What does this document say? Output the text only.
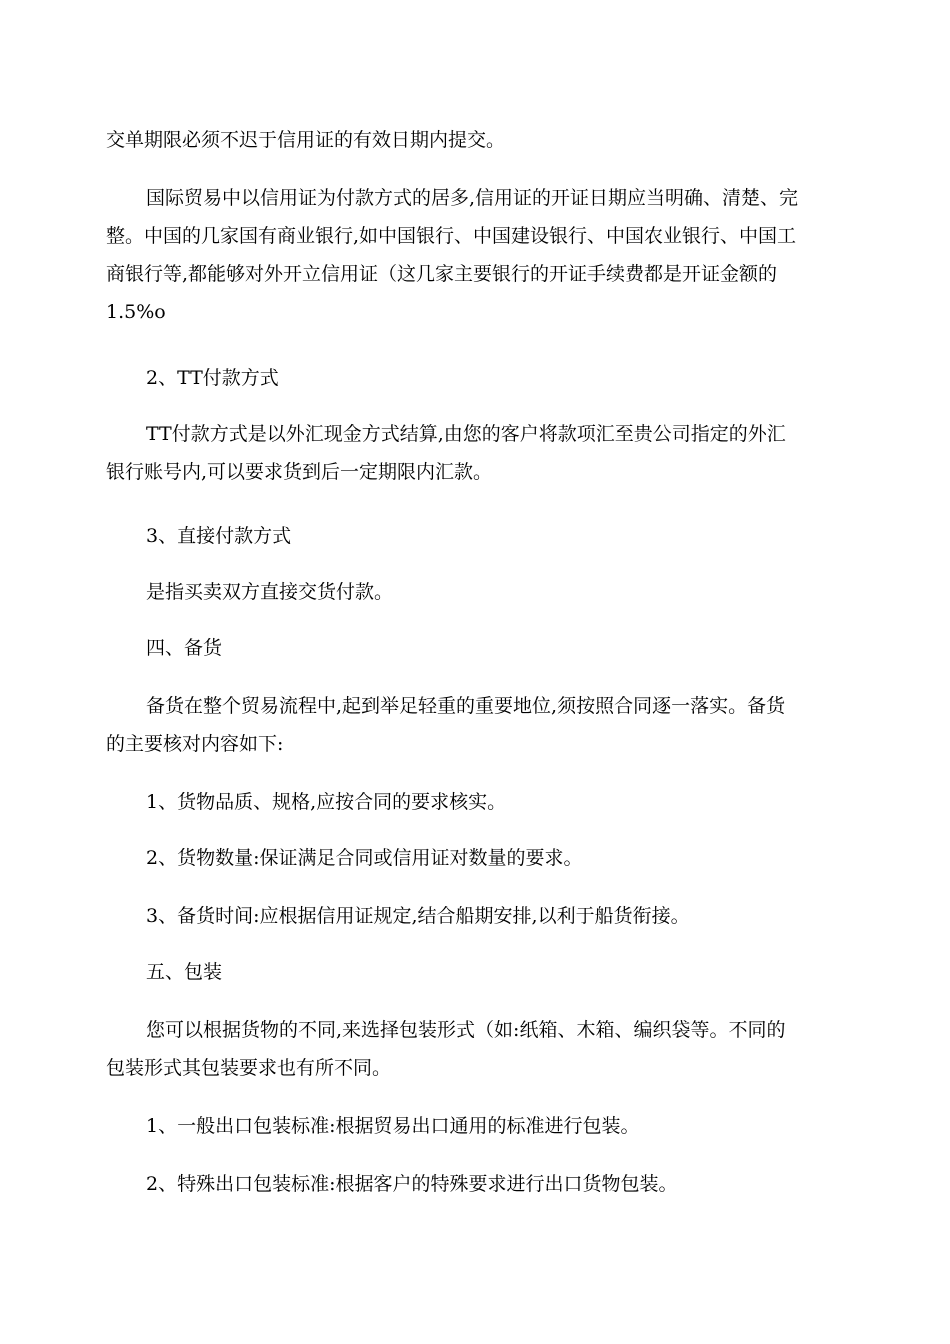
交单期限必须不迟于信用证的有效日期内提交。

国际贸易中以信用证为付款方式的居多,信用证的开证日期应当明确、清楚、完

整。中国的几家国有商业银行,如中国银行、中国建设银行、中国农业银行、中国工

商银行等,都能够对外开立信用证（这几家主要银行的开证手续费都是开证金额的

1.5%o

2、TT付款方式

TT付款方式是以外汇现金方式结算,由您的客户将款项汇至贵公司指定的外汇

银行账号内,可以要求货到后一定期限内汇款。

3、直接付款方式

是指买卖双方直接交货付款。

四、备货

备货在整个贸易流程中,起到举足轻重的重要地位,须按照合同逐一落实。备货

的主要核对内容如下:

1、货物品质、规格,应按合同的要求核实。

2、货物数量:保证满足合同或信用证对数量的要求。

3、备货时间:应根据信用证规定,结合船期安排,以利于船货衔接。

五、包装

您可以根据货物的不同,来选择包装形式（如:纸箱、木箱、编织袋等。不同的

包装形式其包装要求也有所不同。

1、一般出口包装标准:根据贸易出口通用的标准进行包装。

2、特殊出口包装标准:根据客户的特殊要求进行出口货物包装。
